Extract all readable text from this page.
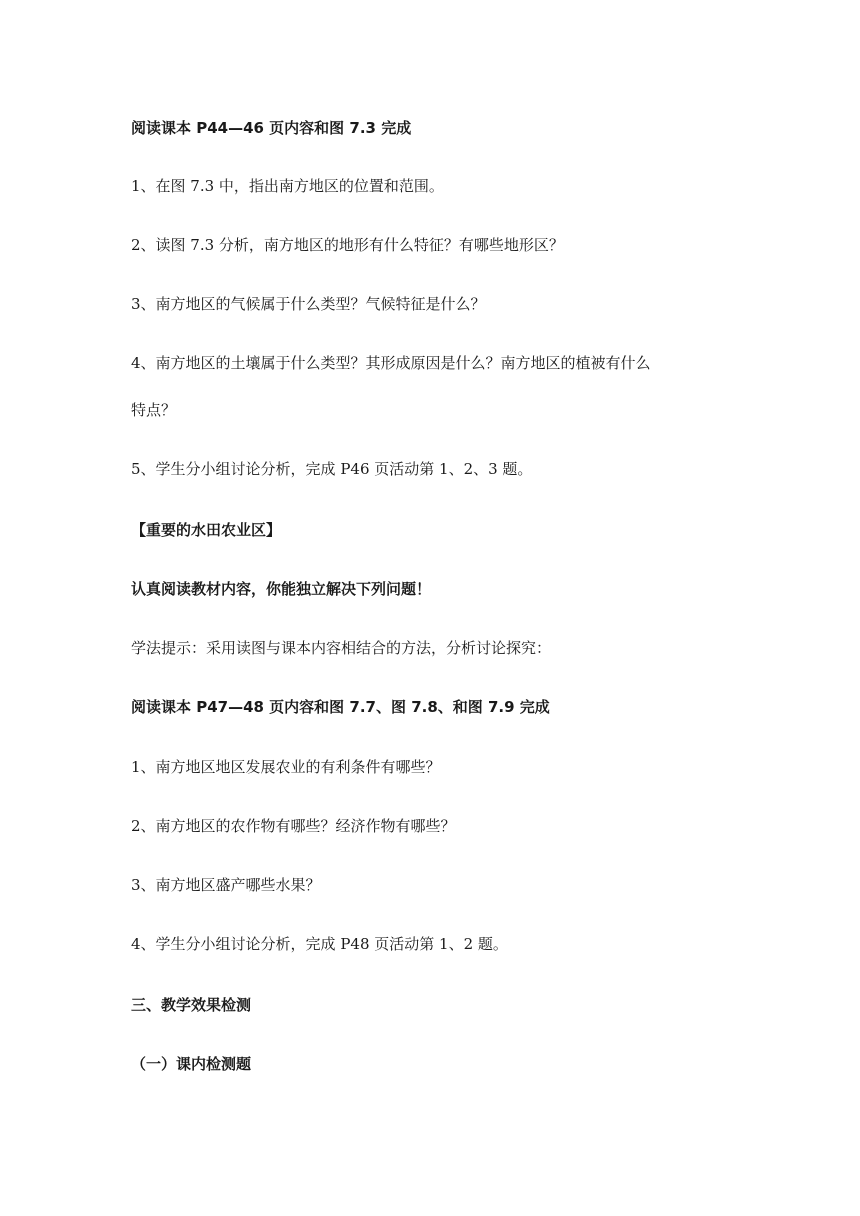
阅读课本 P44—46 页内容和图 7.3 完成
1、在图 7.3 中，指出南方地区的位置和范围。
2、读图 7.3 分析，南方地区的地形有什么特征？有哪些地形区？
3、南方地区的气候属于什么类型？气候特征是什么？
4、南方地区的土壤属于什么类型？其形成原因是什么？南方地区的植被有什么
特点？
5、学生分小组讨论分析，完成 P46 页活动第 1、2、3 题。
【重要的水田农业区】
认真阅读教材内容，你能独立解决下列问题！
学法提示：采用读图与课本内容相结合的方法，分析讨论探究：
阅读课本 P47—48 页内容和图 7.7、图 7.8、和图 7.9 完成
1、南方地区地区发展农业的有利条件有哪些？
2、南方地区的农作物有哪些？经济作物有哪些？
3、南方地区盛产哪些水果？
4、学生分小组讨论分析，完成 P48 页活动第 1、2 题。
三、教学效果检测
（一）课内检测题
